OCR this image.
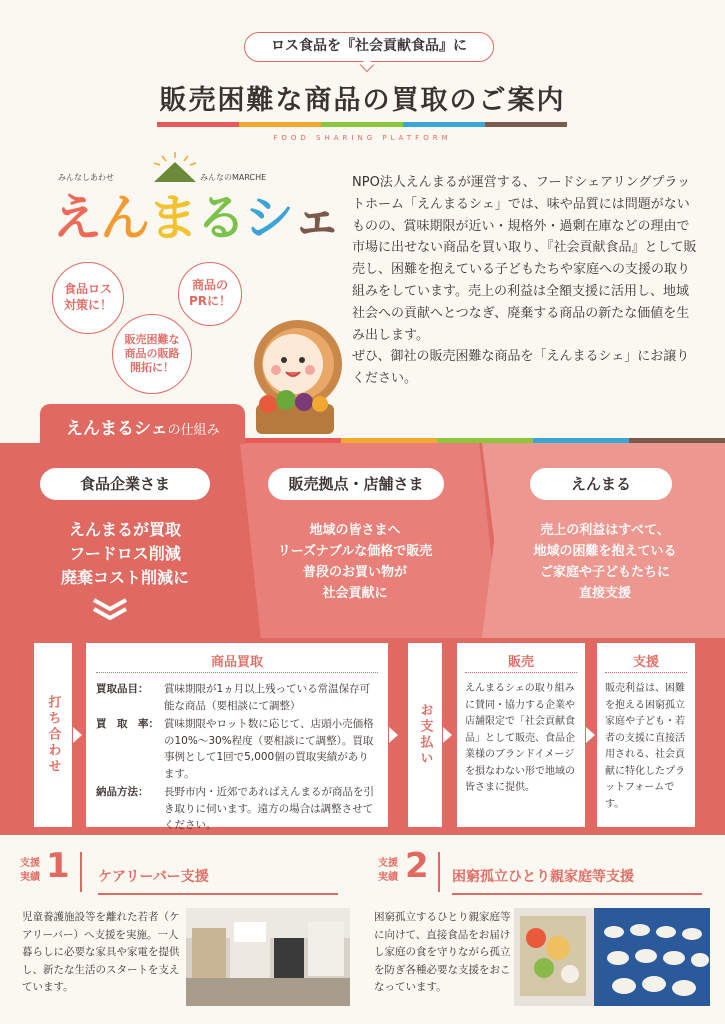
ロス食品を『社会貢献食品』に
販売困難な商品の買取のご案内
FOOD SHARING PLATFORM
みんなしあわせ	みんなのMARCHE
えんまるシェ
食品ロス
対策に！
販売困難な
商品の販路
開拓に！
商品の
PRに！
NPO法人えんまるが運営する、フードシェアリングプラットホーム「えんまるシェ」では、味や品質には問題がないものの、賞味期限が近い・規格外・過剰在庫などの理由で市場に出せない商品を買い取り、『社会貢献食品』として販売し、困難を抱えている子どもたちや家庭への支援の取り組みをしています。売上の利益は全額支援に活用し、地域社会への貢献へとつなぎ、廃棄する商品の新たな価値を生み出します。
ぜひ、御社の販売困難な商品を「えんまるシェ」にお譲りください。
えんまるシェの仕組み
食品企業さま	販売拠点・店舗さま	えんまる
えんまるが買取
フードロス削減
廃棄コスト削減に
地域の皆さまへ
リーズナブルな価格で販売
普段のお買い物が
社会貢献に
売上の利益はすべて、
地域の困難を抱えている
ご家庭や子どもたちに
直接支援
打ち合わせ
商品買取
買取品目：	賞味期限が1ヵ月以上残っている常温保存可能な商品（要相談にて調整）
買　取　率： 賞味期限やロット数に応じて、店頭小売価格の10%〜30%程度（要相談にて調整）。買取事例として1回で5,000個の買取実績があります。
納品方法：	長野市内・近郊であればえんまるが商品を引き取りに伺います。遠方の場合は調整させてください。
お支払い
販売
えんまるシェの取り組みに賛同・協力する企業や店舗限定で「社会貢献食品」として販売、食品企業様のブランドイメージを損なわない形で地域の皆さまに提供。
支援
販売利益は、困難を抱える困窮孤立家庭や子ども・若者の支援に直接活用される、社会貢献に特化したプラットフォームです。
支援
実績 1 ケアリーバー支援
児童養護施設等を離れた若者（ケアリーバー）へ支援を実施。一人暮らしに必要な家具や家電を提供し、新たな生活のスタートを支えています。
支援
実績 2 困窮孤立ひとり親家庭等支援
困窮孤立するひとり親家庭等に向けて、直接食品をお届けし家庭の食を守りながら孤立を防ぎ各種必要な支援をおこなっています。
